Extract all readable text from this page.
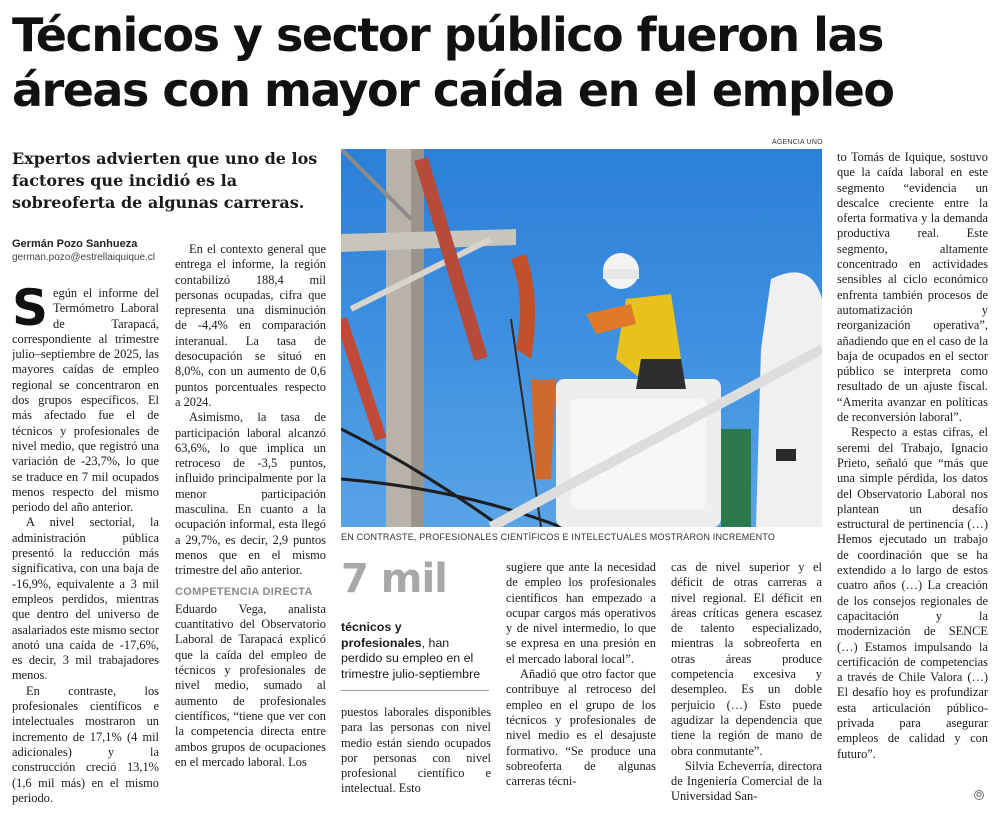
Técnicos y sector público fueron las
áreas con mayor caída en el empleo
Expertos advierten que uno de los factores que incidió es la sobreoferta de algunas carreras.
Germán Pozo Sanhueza
german.pozo@estrellaiquique.cl

Según el informe del Termómetro Laboral de Tarapacá, correspondiente al trimestre julio–septiembre de 2025, las mayores caídas de empleo regional se concentraron en dos grupos específicos. El más afectado fue el de técnicos y profesionales de nivel medio, que registró una variación de -23,7%, lo que se traduce en 7 mil ocupados menos respecto del mismo periodo del año anterior.

A nivel sectorial, la administración pública presentó la reducción más significativa, con una baja de -16,9%, equivalente a 3 mil empleos perdidos, mientras que dentro del universo de asalariados este mismo sector anotó una caída de -17,6%, es decir, 3 mil trabajadores menos.

En contraste, los profesionales científicos e intelectuales mostraron un incremento de 17,1% (4 mil adicionales) y la construcción creció 13,1% (1,6 mil más) en el mismo periodo.

En el contexto general que entrega el informe, la región contabilizó 188,4 mil personas ocupadas, cifra que representa una disminución de -4,4% en comparación interanual. La tasa de desocupación se situó en 8,0%, con un aumento de 0,6 puntos porcentuales respecto a 2024.

Asimismo, la tasa de participación laboral alcanzó 63,6%, lo que implica un retroceso de -3,5 puntos, influido principalmente por la menor participación masculina. En cuanto a la ocupación informal, esta llegó a 29,7%, es decir, 2,9 puntos menos que en el mismo trimestre del año anterior.

COMPETENCIA DIRECTA

Eduardo Vega, analista cuantitativo del Observatorio Laboral de Tarapacá explicó que la caída del empleo de técnicos y profesionales de nivel medio, sumado al aumento de profesionales científicos, “tiene que ver con la competencia directa entre ambos grupos de ocupaciones en el mercado laboral. Los

AGENCIA UNO
EN CONTRASTE, PROFESIONALES CIENTÍFICOS E INTELECTUALES MOSTRARON INCREMENTO
7 mil
técnicos y profesionales, han perdido su empleo en el trimestre julio-septiembre

puestos laborales disponibles para las personas con nivel medio están siendo ocupados por personas con nivel profesional científico e intelectual. Esto

sugiere que ante la necesidad de empleo los profesionales científicos han empezado a ocupar cargos más operativos y de nivel intermedio, lo que se expresa en una presión en el mercado laboral local”.

Añadió que otro factor que contribuye al retroceso del empleo en el grupo de los técnicos y profesionales de nivel medio es el desajuste formativo. “Se produce una sobreoferta de algunas carreras técni-

cas de nivel superior y el déficit de otras carreras a nivel regional. El déficit en áreas críticas genera escasez de talento especializado, mientras la sobreoferta en otras áreas produce competencia excesiva y desempleo. Es un doble perjuicio (…) Esto puede agudizar la dependencia que tiene la región de mano de obra conmutante”.

Silvia Echeverría, directora de Ingeniería Comercial de la Universidad San-

to Tomás de Iquique, sostuvo que la caída laboral en este segmento “evidencia un descalce creciente entre la oferta formativa y la demanda productiva real. Este segmento, altamente concentrado en actividades sensibles al ciclo económico enfrenta también procesos de automatización y reorganización operativa”, añadiendo que en el caso de la baja de ocupados en el sector público se interpreta como resultado de un ajuste fiscal. “Amerita avanzar en políticas de reconversión laboral”.

Respecto a estas cifras, el seremi del Trabajo, Ignacio Prieto, señaló que “más que una simple pérdida, los datos del Observatorio Laboral nos plantean un desafío estructural de pertinencia (…) Hemos ejecutado un trabajo de coordinación que se ha extendido a lo largo de estos cuatro años (…) La creación de los consejos regionales de capacitación y la modernización de SENCE (…) Estamos impulsando la certificación de competencias a través de Chile Valora (…) El desafío hoy es profundizar esta articulación público-privada para asegurar empleos de calidad y con futuro”.

✪
